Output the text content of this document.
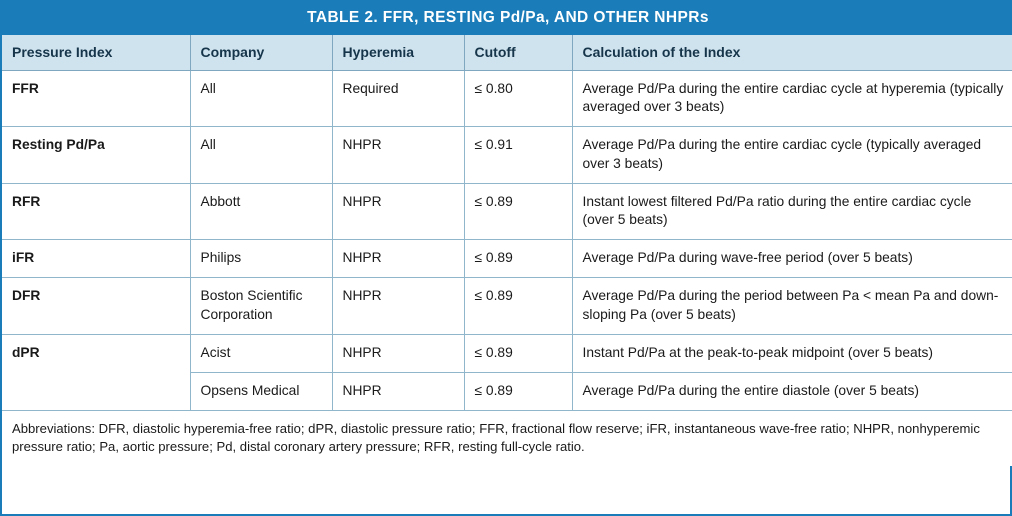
TABLE 2. FFR, RESTING Pd/Pa, AND OTHER NHPRs				
Pressure Index	Company	Hyperemia	Cutoff	Calculation of the Index
FFR	All	Required	≤ 0.80	Average Pd/Pa during the entire cardiac cycle at hyperemia (typically averaged over 3 beats)
Resting Pd/Pa	All	NHPR	≤ 0.91	Average Pd/Pa during the entire cardiac cycle (typically averaged over 3 beats)
RFR	Abbott	NHPR	≤ 0.89	Instant lowest filtered Pd/Pa ratio during the entire cardiac cycle (over 5 beats)
iFR	Philips	NHPR	≤ 0.89	Average Pd/Pa during wave-free period (over 5 beats)
DFR	Boston Scientific Corporation	NHPR	≤ 0.89	Average Pd/Pa during the period between Pa < mean Pa and down-sloping Pa (over 5 beats)
dPR	Acist	NHPR	≤ 0.89	Instant Pd/Pa at the peak-to-peak midpoint (over 5 beats)
	Opsens Medical	NHPR	≤ 0.89	Average Pd/Pa during the entire diastole (over 5 beats)
Abbreviations: DFR, diastolic hyperemia-free ratio; dPR, diastolic pressure ratio; FFR, fractional flow reserve; iFR, instantaneous wave-free ratio; NHPR, nonhyperemic pressure ratio; Pa, aortic pressure; Pd, distal coronary artery pressure; RFR, resting full-cycle ratio.				
